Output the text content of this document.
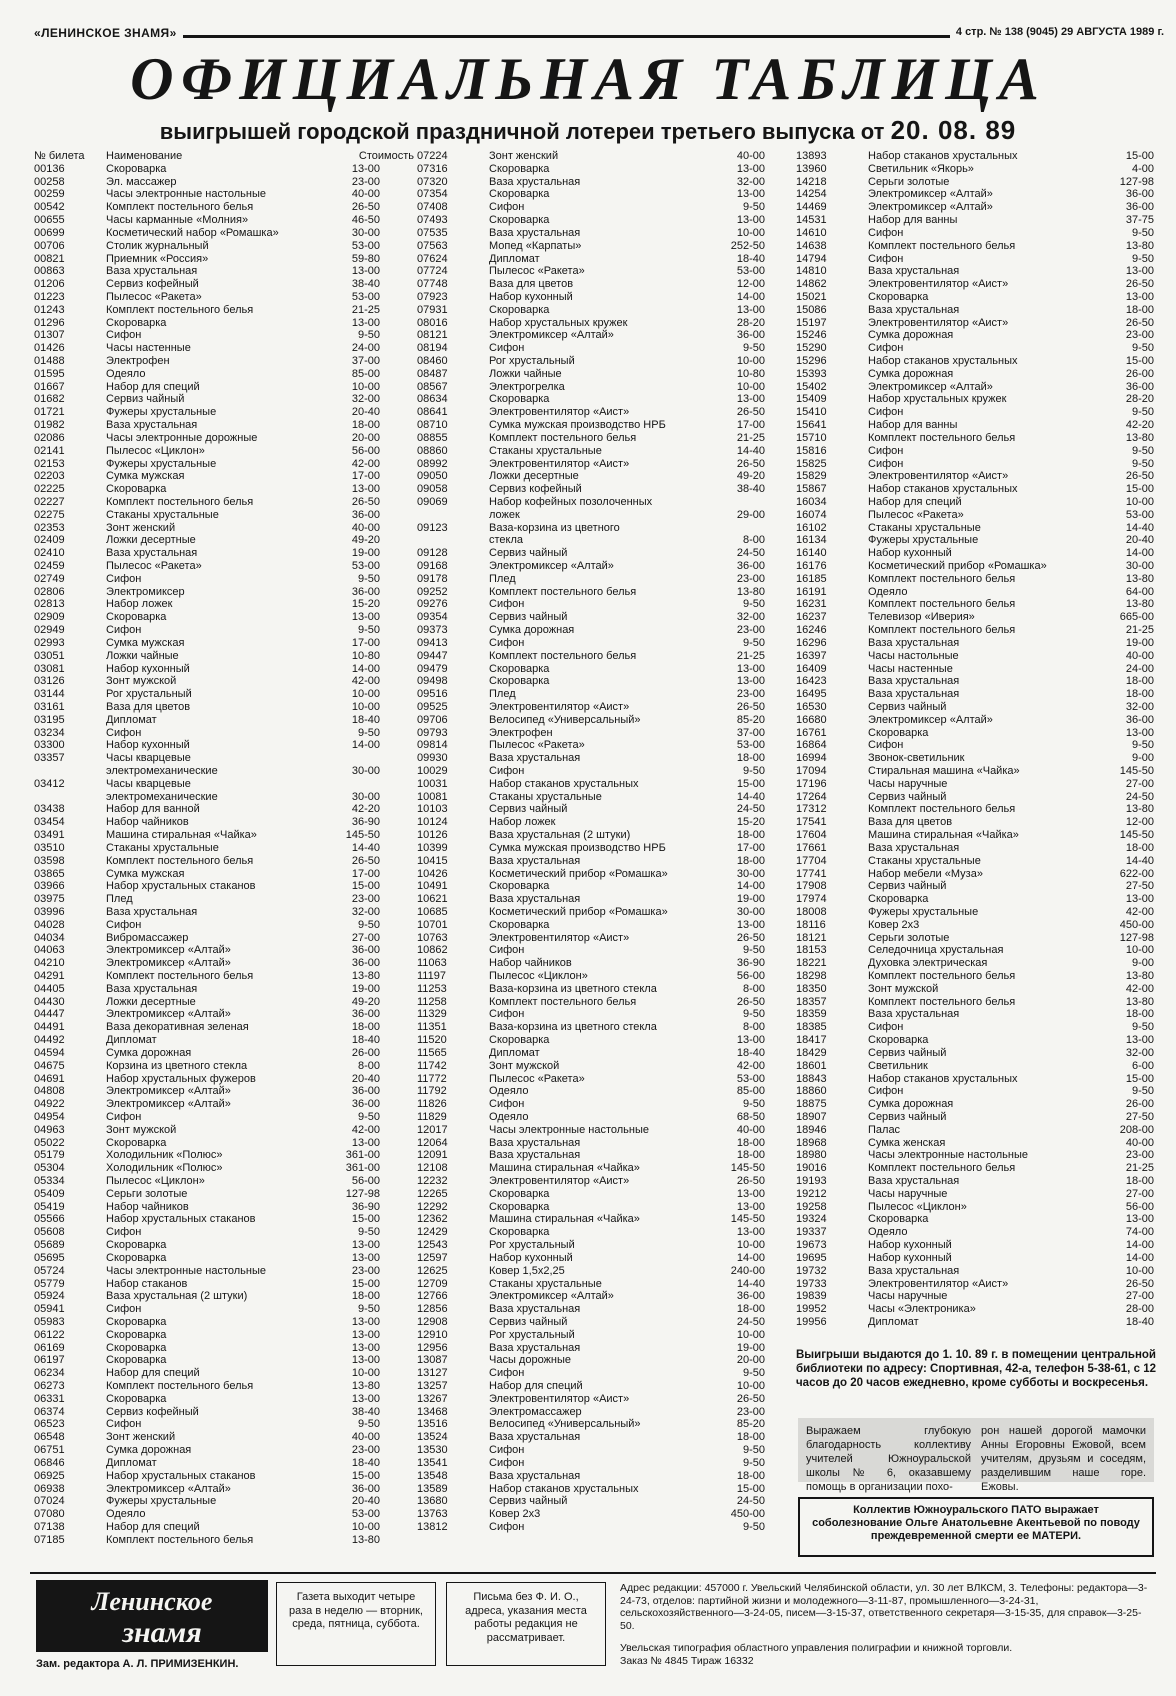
«ЛЕНИНСКОЕ ЗНАМЯ»	4 стр. № 138 (9045) 29 АВГУСТА 1989 г.
ОФИЦИАЛЬНАЯ ТАБЛИЦА
выигрышей городской праздничной лотереи третьего выпуска от 20. 08. 89
№ билета Наименование	Стоимость
00136	Скороварка	13-00
00258	Эл. массажер	23-00
00259	Часы электронные настольные	40-00
00542	Комплект постельного белья	26-50
00655	Часы карманные «Молния»	46-50
00699	Косметический набор «Ромашка»	30-00
00706	Столик журнальный	53-00
00821	Приемник «Россия»	59-80
00863	Ваза хрустальная	13-00
01206	Сервиз кофейный	38-40
01223	Пылесос «Ракета»	53-00
01243	Комплект постельного белья	21-25
01296	Скороварка	13-00
01307	Сифон	9-50
01426	Часы настенные	24-00
01488	Электрофен	37-00
01595	Одеяло	85-00
01667	Набор для специй	10-00
01682	Сервиз чайный	32-00
01721	Фужеры хрустальные	20-40
01982	Ваза хрустальная	18-00
02086	Часы электронные дорожные	20-00
02141	Пылесос «Циклон»	56-00
02153	Фужеры хрустальные	42-00
02203	Сумка мужская	17-00
02225	Скороварка	13-00
02227	Комплект постельного белья	26-50
02275	Стаканы хрустальные	36-00
02353	Зонт женский	40-00
02409	Ложки десертные	49-20
02410	Ваза хрустальная	19-00
02459	Пылесос «Ракета»	53-00
02749	Сифон	9-50
02806	Электромиксер	36-00
02813	Набор ложек	15-20
02909	Скороварка	13-00
02949	Сифон	9-50
02993	Сумка мужская	17-00
03051	Ложки чайные	10-80
03081	Набор кухонный	14-00
03126	Зонт мужской	42-00
03144	Рог хрустальный	10-00
03161	Ваза для цветов	10-00
03195	Дипломат	18-40
03234	Сифон	9-50
03300	Набор кухонный	14-00
03357	Часы кварцевые
электромеханические	30-00
03412	Часы кварцевые
электромеханические	30-00
03438	Набор для ванной	42-20
03454	Набор чайников	36-90
03491	Машина стиральная «Чайка»	145-50
03510	Стаканы хрустальные	14-40
03598	Комплект постельного белья	26-50
03865	Сумка мужская	17-00
03966	Набор хрустальных стаканов	15-00
03975	Плед	23-00
03996	Ваза хрустальная	32-00
04028	Сифон	9-50
04034	Вибромассажер	27-00
04063	Электромиксер «Алтай»	36-00
04210	Электромиксер «Алтай»	36-00
04291	Комплект постельного белья	13-80
04405	Ваза хрустальная	19-00
04430	Ложки десертные	49-20
04447	Электромиксер «Алтай»	36-00
04491	Ваза декоративная зеленая	18-00
04492	Дипломат	18-40
04594	Сумка дорожная	26-00
04675	Корзина из цветного стекла	8-00
04691	Набор хрустальных фужеров	20-40
04808	Электромиксер «Алтай»	36-00
04922	Электромиксер «Алтай»	36-00
04954	Сифон	9-50
04963	Зонт мужской	42-00
05022	Скороварка	13-00
05179	Холодильник «Полюс»	361-00
05304	Холодильник «Полюс»	361-00
05334	Пылесос «Циклон»	56-00
05409	Серьги золотые	127-98
05419	Набор чайников	36-90
05566	Набор хрустальных стаканов	15-00
05608	Сифон	9-50
05689	Скороварка	13-00
05695	Скороварка	13-00
05724	Часы электронные настольные	23-00
05779	Набор стаканов	15-00
05924	Ваза хрустальная (2 штуки)	18-00
05941	Сифон	9-50
05983	Скороварка	13-00
06122	Скороварка	13-00
06169	Скороварка	13-00
06197	Скороварка	13-00
06234	Набор для специй	10-00
06273	Комплект постельного белья	13-80
06331	Скороварка	13-00
06374	Сервиз кофейный	38-40
06523	Сифон	9-50
06548	Зонт женский	40-00
06751	Сумка дорожная	23-00
06846	Дипломат	18-40
06925	Набор хрустальных стаканов	15-00
06938	Электромиксер «Алтай»	36-00
07024	Фужеры хрустальные	20-40
07080	Одеяло	53-00
07138	Набор для специй	10-00
07185	Комплект постельного белья	13-80
07224	Зонт женский	40-00
07316	Скороварка	13-00
07320	Ваза хрустальная	32-00
07354	Скороварка	13-00
07408	Сифон	9-50
07493	Скороварка	13-00
07535	Ваза хрустальная	10-00
07563	Мопед «Карпаты»	252-50
07624	Дипломат	18-40
07724	Пылесос «Ракета»	53-00
07748	Ваза для цветов	12-00
07923	Набор кухонный	14-00
07931	Скороварка	13-00
08016	Набор хрустальных кружек	28-20
08121	Электромиксер «Алтай»	36-00
08194	Сифон	9-50
08460	Рог хрустальный	10-00
08487	Ложки чайные	10-80
08567	Электрогрелка	10-00
08634	Скороварка	13-00
08641	Электровентилятор «Аист»	26-50
08710	Сумка мужская производство НРБ	17-00
08855	Комплект постельного белья	21-25
08860	Стаканы хрустальные	14-40
08992	Электровентилятор «Аист»	26-50
09050	Ложки десертные	49-20
09058	Сервиз кофейный	38-40
09069	Набор кофейных позолоченных
ложек	29-00
09123	Ваза-корзина из цветного
стекла	8-00
09128	Сервиз чайный	24-50
09168	Электромиксер «Алтай»	36-00
09178	Плед	23-00
09252	Комплект постельного белья	13-80
09276	Сифон	9-50
09354	Сервиз чайный	32-00
09373	Сумка дорожная	23-00
09413	Сифон	9-50
09447	Комплект постельного белья	21-25
09479	Скороварка	13-00
09498	Скороварка	13-00
09516	Плед	23-00
09525	Электровентилятор «Аист»	26-50
09706	Велосипед «Универсальный»	85-20
09793	Электрофен	37-00
09814	Пылесос «Ракета»	53-00
09930	Ваза хрустальная	18-00
10029	Сифон	9-50
10031	Набор стаканов хрустальных	15-00
10081	Стаканы хрустальные	14-40
10103	Сервиз чайный	24-50
10124	Набор ложек	15-20
10126	Ваза хрустальная (2 штуки)	18-00
10399	Сумка мужская производство НРБ	17-00
10415	Ваза хрустальная	18-00
10426	Косметический прибор «Ромашка»	30-00
10491	Скороварка	14-00
10621	Ваза хрустальная	19-00
10685	Косметический прибор «Ромашка»	30-00
10701	Скороварка	13-00
10763	Электровентилятор «Аист»	26-50
10862	Сифон	9-50
11063	Набор чайников	36-90
11197	Пылесос «Циклон»	56-00
11253	Ваза-корзина из цветного стекла	8-00
11258	Комплект постельного белья	26-50
11329	Сифон	9-50
11351	Ваза-корзина из цветного стекла	8-00
11520	Скороварка	13-00
11565	Дипломат	18-40
11742	Зонт мужской	42-00
11772	Пылесос «Ракета»	53-00
11792	Одеяло	85-00
11826	Сифон	9-50
11829	Одеяло	68-50
12017	Часы электронные настольные	40-00
12064	Ваза хрустальная	18-00
12091	Ваза хрустальная	18-00
12108	Машина стиральная «Чайка»	145-50
12232	Электровентилятор «Аист»	26-50
12265	Скороварка	13-00
12292	Скороварка	13-00
12362	Машина стиральная «Чайка»	145-50
12429	Скороварка	13-00
12543	Рог хрустальный	10-00
12597	Набор кухонный	14-00
12625	Ковер 1,5х2,25	240-00
12709	Стаканы хрустальные	14-40
12766	Электромиксер «Алтай»	36-00
12856	Ваза хрустальная	18-00
12908	Сервиз чайный	24-50
12910	Рог хрустальный	10-00
12956	Ваза хрустальная	19-00
13087	Часы дорожные	20-00
13127	Сифон	9-50
13257	Набор для специй	10-00
13267	Электровентилятор «Аист»	26-50
13468	Электромассажер	23-00
13516	Велосипед «Универсальный»	85-20
13524	Ваза хрустальная	18-00
13530	Сифон	9-50
13541	Сифон	9-50
13548	Ваза хрустальная	18-00
13589	Набор стаканов хрустальных	15-00
13680	Сервиз чайный	24-50
13763	Ковер 2х3	450-00
13812	Сифон	9-50
13893	Набор стаканов хрустальных	15-00
13960	Светильник «Якорь»	4-00
14218	Серьги золотые	127-98
14254	Электромиксер «Алтай»	36-00
14469	Электромиксер «Алтай»	36-00
14531	Набор для ванны	37-75
14610	Сифон	9-50
14638	Комплект постельного белья	13-80
14794	Сифон	9-50
14810	Ваза хрустальная	13-00
14862	Электровентилятор «Аист»	26-50
15021	Скороварка	13-00
15086	Ваза хрустальная	18-00
15197	Электровентилятор «Аист»	26-50
15246	Сумка дорожная	23-00
15290	Сифон	9-50
15296	Набор стаканов хрустальных	15-00
15393	Сумка дорожная	26-00
15402	Электромиксер «Алтай»	36-00
15409	Набор хрустальных кружек	28-20
15410	Сифон	9-50
15641	Набор для ванны	42-20
15710	Комплект постельного белья	13-80
15816	Сифон	9-50
15825	Сифон	9-50
15829	Электровентилятор «Аист»	26-50
15867	Набор стаканов хрустальных	15-00
16034	Набор для специй	10-00
16074	Пылесос «Ракета»	53-00
16102	Стаканы хрустальные	14-40
16134	Фужеры хрустальные	20-40
16140	Набор кухонный	14-00
16176	Косметический прибор «Ромашка»	30-00
16185	Комплект постельного белья	13-80
16191	Одеяло	64-00
16231	Комплект постельного белья	13-80
16237	Телевизор «Иверия»	665-00
16246	Комплект постельного белья	21-25
16296	Ваза хрустальная	19-00
16397	Часы настольные	40-00
16409	Часы настенные	24-00
16423	Ваза хрустальная	18-00
16495	Ваза хрустальная	18-00
16530	Сервиз чайный	32-00
16680	Электромиксер «Алтай»	36-00
16761	Скороварка	13-00
16864	Сифон	9-50
16994	Звонок-светильник	9-00
17094	Стиральная машина «Чайка»	145-50
17196	Часы наручные	27-00
17264	Сервиз чайный	24-50
17312	Комплект постельного белья	13-80
17541	Ваза для цветов	12-00
17604	Машина стиральная «Чайка»	145-50
17661	Ваза хрустальная	18-00
17704	Стаканы хрустальные	14-40
17741	Набор мебели «Муза»	622-00
17908	Сервиз чайный	27-50
17974	Скороварка	13-00
18008	Фужеры хрустальные	42-00
18116	Ковер 2х3	450-00
18121	Серьги золотые	127-98
18153	Селедочница хрустальная	10-00
18221	Духовка электрическая	9-00
18298	Комплект постельного белья	13-80
18350	Зонт мужской	42-00
18357	Комплект постельного белья	13-80
18359	Ваза хрустальная	18-00
18385	Сифон	9-50
18417	Скороварка	13-00
18429	Сервиз чайный	32-00
18601	Светильник	6-00
18843	Набор стаканов хрустальных	15-00
18860	Сифон	9-50
18875	Сумка дорожная	26-00
18907	Сервиз чайный	27-50
18946	Палас	208-00
18968	Сумка женская	40-00
18980	Часы электронные настольные	23-00
19016	Комплект постельного белья	21-25
19193	Ваза хрустальная	18-00
19212	Часы наручные	27-00
19258	Пылесос «Циклон»	56-00
19324	Скороварка	13-00
19337	Одеяло	74-00
19673	Набор кухонный	14-00
19695	Набор кухонный	14-00
19732	Ваза хрустальная	10-00
19733	Электровентилятор «Аист»	26-50
19839	Часы наручные	27-00
19952	Часы «Электроника»	28-00
19956	Дипломат	18-40
Выигрыши выдаются до 1. 10. 89 г. в помещении центральной библиотеки по адресу: Спортивная, 42-а, телефон 5-38-61, с 12 часов до 20 часов ежедневно, кроме субботы и воскресенья.
Выражаем глубокую благодарность коллективу учителей Южноуральской школы № 6, оказавшему помощь в организации похо-
рон нашей дорогой мамочки Анны Егоровны Ежовой, всем учителям, друзьям и соседям, разделившим наше горе. Ежовы.
Коллектив Южноуральского ПАТО выражает соболезнование Ольге Анатольевне Акентьевой по поводу преждевременной смерти ее МАТЕРИ.
Ленинское
знамя
Зам. редактора А. Л. ПРИМИЗЕНКИН.
Газета выходит четыре раза в неделю — вторник, среда, пятница, суббота.
Письма без Ф. И. О., адреса, указания места работы редакция не рассматривает.
Адрес редакции: 457000 г. Увельский Челябинской области, ул. 30 лет ВЛКСМ, 3. Телефоны: редактора—3-24-73, отделов: партийной жизни и молодежного—3-11-87, промышленного—3-24-31, сельскохозяйственного—3-24-05, писем—3-15-37, ответственного секретаря—3-15-35, для справок—3-25-50.
Увельская типография областного управления полиграфии и книжной торговли.
Заказ № 4845 Тираж 16332
